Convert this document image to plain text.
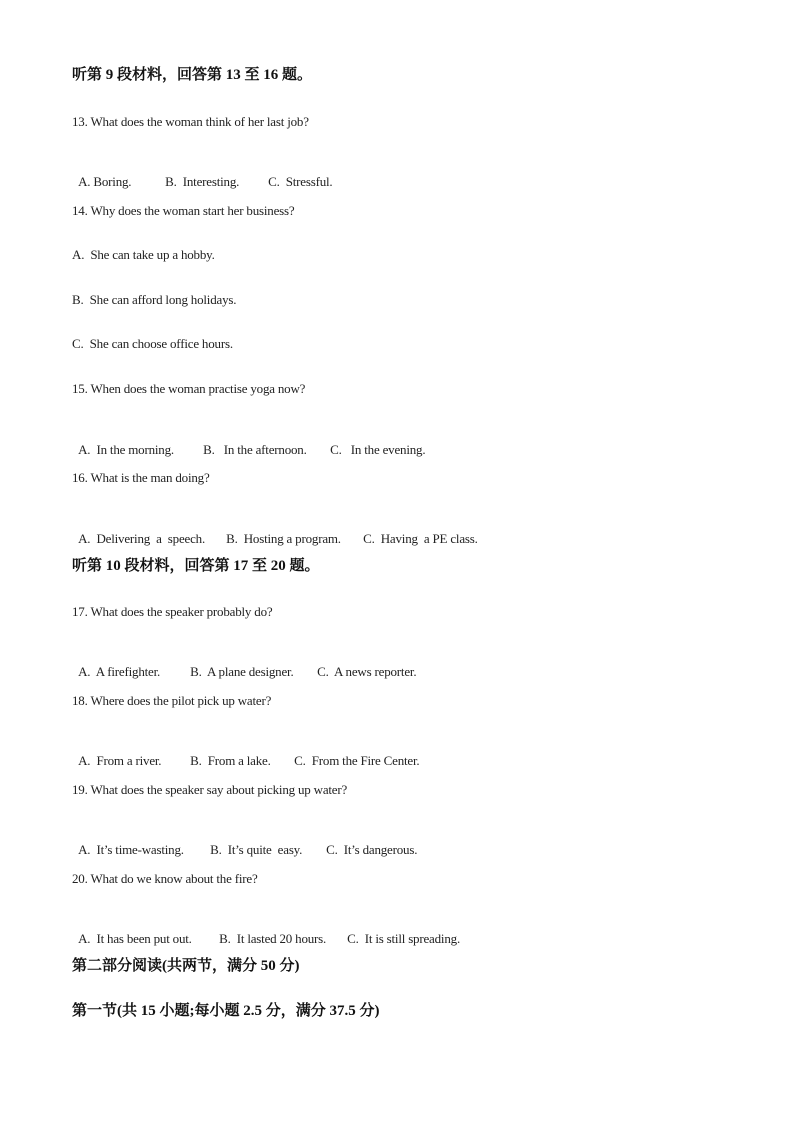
听第 9 段材料，回答第 13 至 16 题。
13. What does the woman think of her last job?

A. Boring.	B.  Interesting. C.  Stressful.

14. Why does the woman start her business?
A.  She can take up a hobby.
B.  She can afford long holidays.
C.  She can choose office hours.
15. When does the woman practise yoga now?

A.  In the morning. B.   In the afternoon. C.   In the evening.

16. What is the man doing?

A.  Delivering  a  speech. B.  Hosting a program. C.  Having  a PE class.

听第 10 段材料，回答第 17 至 20 题。
17. What does the speaker probably do?

A.  A firefighter. B.  A plane designer. C.  A news reporter.

18. Where does the pilot pick up water?

A.  From a river. B.  From a lake. C.  From the Fire Center.

19. What does the speaker say about picking up water?

A.  It’s time-wasting. B.  It’s quite  easy. C.  It’s dangerous.

20. What do we know about the fire?

A.  It has been put out. B.  It lasted 20 hours. C.  It is still spreading.

第二部分阅读(共两节，满分 50 分)
第一节(共 15 小题;每小题 2.5 分，满分 37.5 分)
